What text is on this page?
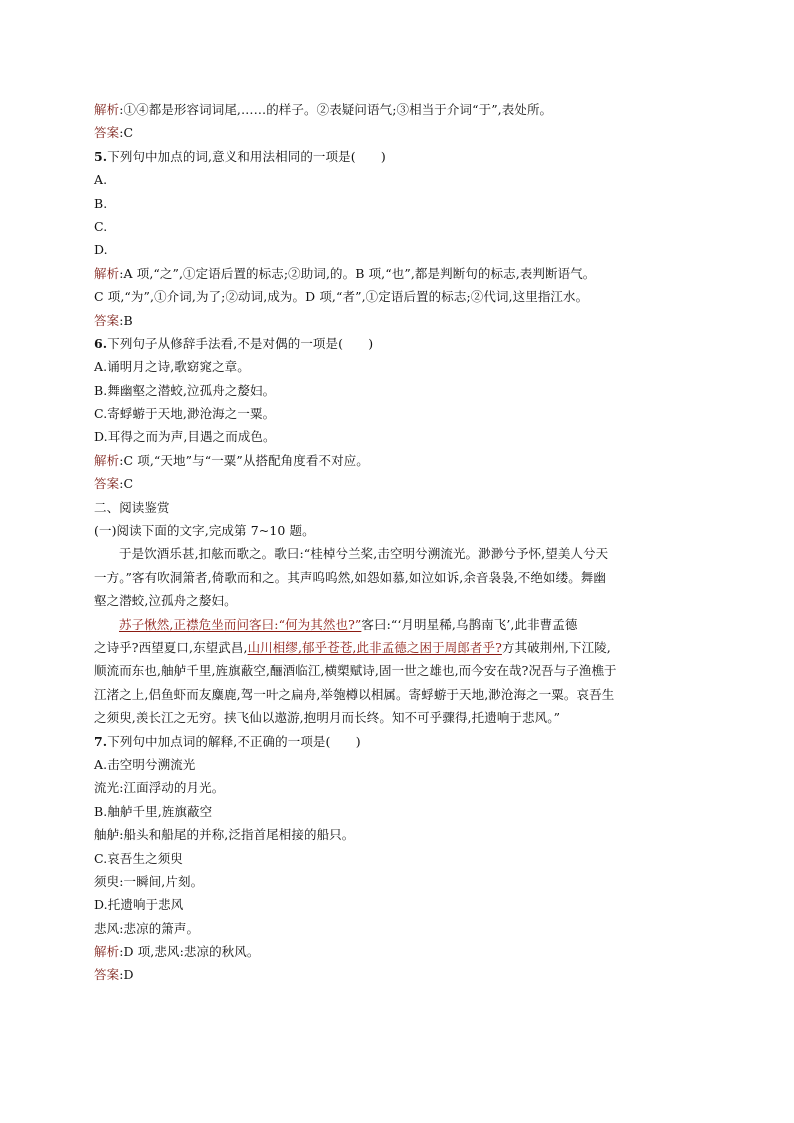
解析:①④都是形容词词尾,……的样子。②表疑问语气;③相当于介词“于”,表处所。
答案:C
5.下列句中加点的词,意义和用法相同的一项是(　　)
A.
B.
C.
D.
解析:A 项,“之”,①定语后置的标志;②助词,的。B 项,“也”,都是判断句的标志,表判断语气。
C 项,“为”,①介词,为了;②动词,成为。D 项,“者”,①定语后置的标志;②代词,这里指江水。
答案:B
6.下列句子从修辞手法看,不是对偶的一项是(　　)
A.诵明月之诗,歌窈窕之章。
B.舞幽壑之潜蛟,泣孤舟之嫠妇。
C.寄蜉蝣于天地,渺沧海之一粟。
D.耳得之而为声,目遇之而成色。
解析:C 项,“天地”与“一粟”从搭配角度看不对应。
答案:C
二、阅读鉴赏
(一)阅读下面的文字,完成第 7~10 题。
于是饮酒乐甚,扣舷而歌之。歌曰:“桂棹兮兰桨,击空明兮溯流光。渺渺兮予怀,望美人兮天
一方。”客有吹洞箫者,倚歌而和之。其声呜呜然,如怨如慕,如泣如诉,余音袅袅,不绝如缕。舞幽
壑之潜蛟,泣孤舟之嫠妇。
苏子愀然,正襟危坐而问客曰:“何为其然也?”客曰:“‘月明星稀,乌鹊南飞’,此非曹孟德
之诗乎?西望夏口,东望武昌,山川相缪,郁乎苍苍,此非孟德之困于周郎者乎?方其破荆州,下江陵,
顺流而东也,舳舻千里,旌旗蔽空,酾酒临江,横槊赋诗,固一世之雄也,而今安在哉?况吾与子渔樵于
江渚之上,侣鱼虾而友麋鹿,驾一叶之扁舟,举匏樽以相属。寄蜉蝣于天地,渺沧海之一粟。哀吾生
之须臾,羡长江之无穷。挟飞仙以遨游,抱明月而长终。知不可乎骤得,托遗响于悲风。”
7.下列句中加点词的解释,不正确的一项是(　　)
A.击空明兮溯流光
流光:江面浮动的月光。
B.舳舻千里,旌旗蔽空
舳舻:船头和船尾的并称,泛指首尾相接的船只。
C.哀吾生之须臾
须臾:一瞬间,片刻。
D.托遗响于悲风
悲风:悲凉的箫声。
解析:D 项,悲风:悲凉的秋风。
答案:D
